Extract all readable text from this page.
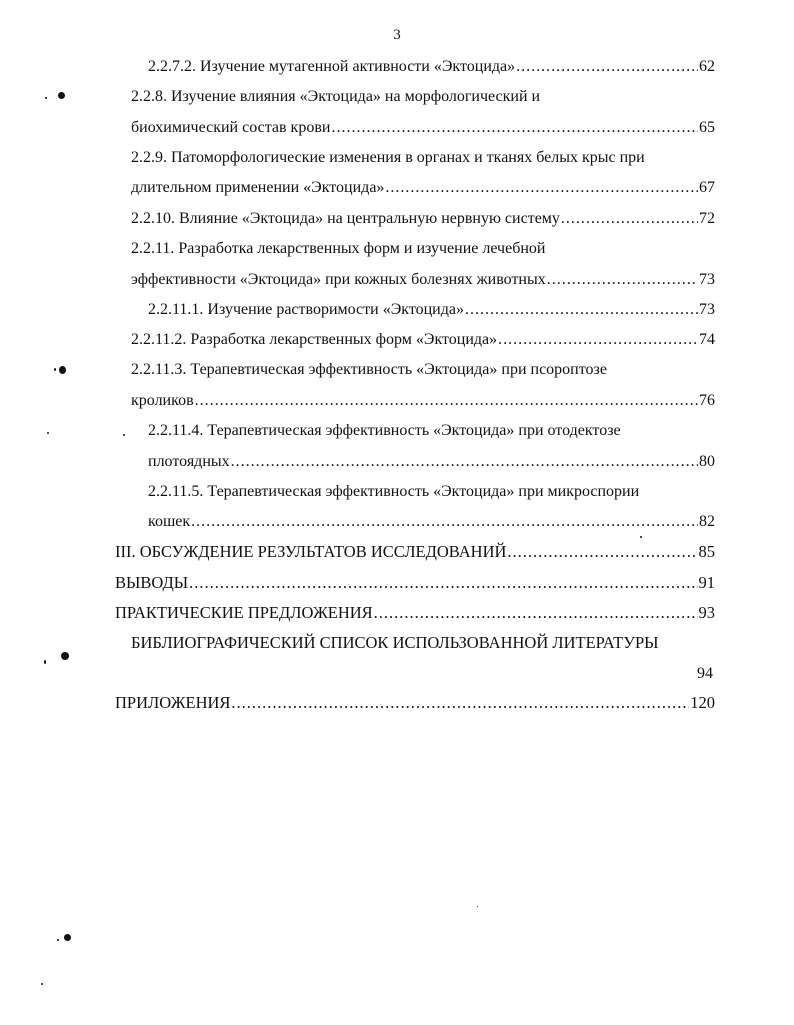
3
2.2.7.2. Изучение мутагенной активности «Эктоцида» .....	62
2.2.8. Изучение влияния «Эктоцида» на морфологический и
биохимический состав крови .....	65
2.2.9. Патоморфологические изменения в органах и тканях белых крыс при
длительном применении «Эктоцида» .....	67
2.2.10. Влияние «Эктоцида» на центральную нервную систему .....	72
2.2.11. Разработка лекарственных форм и изучение лечебной
эффективности «Эктоцида» при кожных болезнях животных .....	73
2.2.11.1. Изучение растворимости «Эктоцида» .....	73
2.2.11.2. Разработка лекарственных форм «Эктоцида» .....	74
2.2.11.3. Терапевтическая эффективность «Эктоцида» при псороптозе
кроликов .....	76
2.2.11.4. Терапевтическая эффективность «Эктоцида» при отодектозе
плотоядных .....	80
2.2.11.5. Терапевтическая эффективность «Эктоцида» при микроспории
кошек .....	82
III. ОБСУЖДЕНИЕ РЕЗУЛЬТАТОВ ИССЛЕДОВАНИЙ .....	85
ВЫВОДЫ .....	91
ПРАКТИЧЕСКИЕ ПРЕДЛОЖЕНИЯ .....	93
БИБЛИОГРАФИЧЕСКИЙ СПИСОК ИСПОЛЬЗОВАННОЙ ЛИТЕРАТУРЫ
94
ПРИЛОЖЕНИЯ .....	120
